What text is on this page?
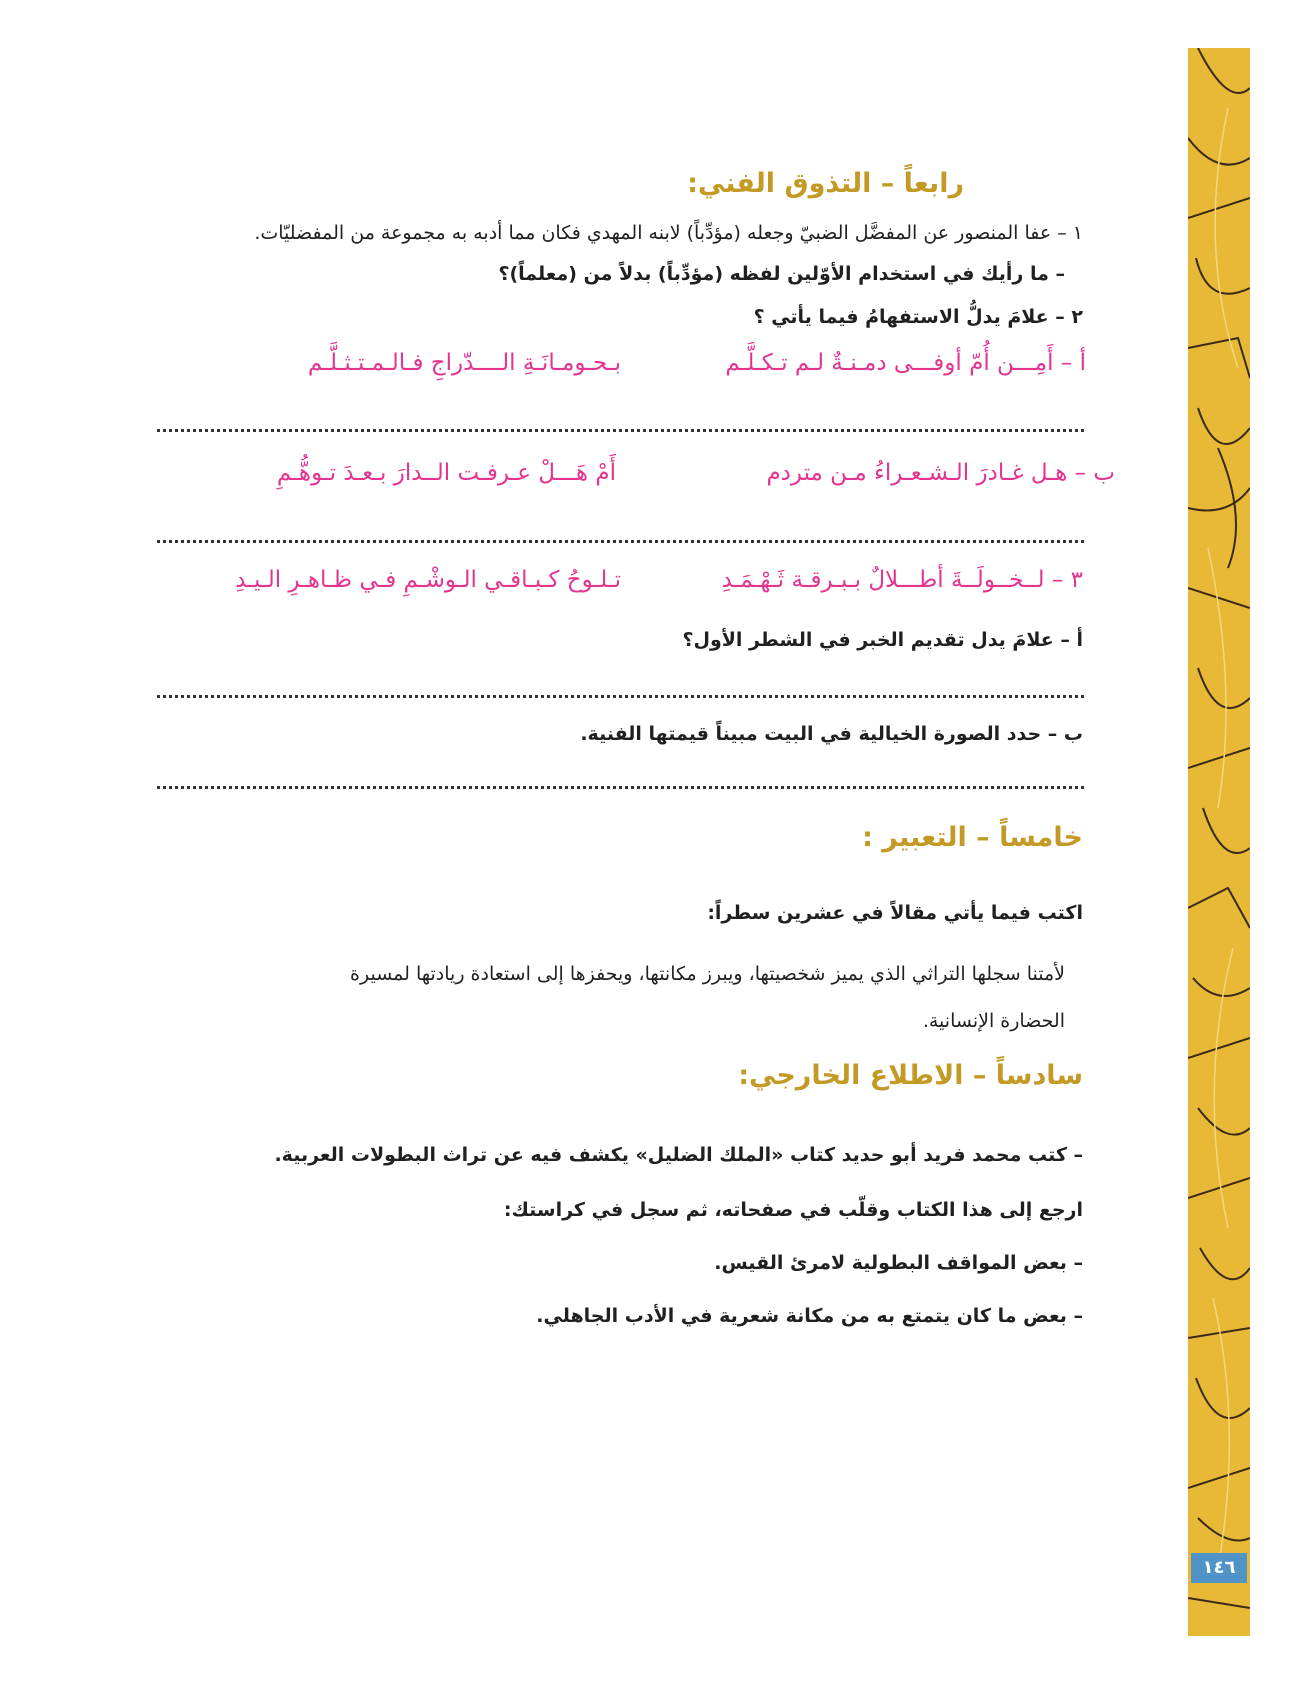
رابعاً – التذوق الفني:
١ – عفا المنصور عن المفضَّل الضبيّ وجعله (مؤدِّباً) لابنه المهدي فكان مما أدبه به مجموعة من المفضليّات.
– ما رأيك في استخدام الأوّلين لفظه (مؤدِّباً) بدلاً من (معلماً)؟
٢ – علامَ يدلُّ الاستفهامُ فيما يأتي ؟
أ – أَمِـــن أُمّ أوفـــى دمـنـةٌ لـم تـكـلَّـم
بـحـومـانَـةِ الــــدّراجِ فـالـمـتـثـلَّـم
ب – هـل غـادرَ الـشـعـراءُ مـن متردم
أَمْ هَـــلْ عـرفـت الــدارَ بـعـدَ تـوهُّـمِ
٣ – لــخــولَــةَ أطـــلالٌ بـبـرقـة ثَـهْـمَـدِ
تـلـوحُ كـبـاقـي الـوشْـمِ فـي ظـاهـرِ الـيـدِ
أ – علامَ يدل تقديم الخبر في الشطر الأول؟
ب – حدد الصورة الخيالية في البيت مبيناً قيمتها الفنية.
خامساً – التعبير :
اكتب فيما يأتي مقالاً في عشرين سطراً:
لأمتنا سجلها التراثي الذي يميز شخصيتها، ويبرز مكانتها، ويحفزها إلى استعادة ريادتها لمسيرة
الحضارة الإنسانية.
سادساً – الاطلاع الخارجي:
– كتب محمد فريد أبو حديد كتاب «الملك الضليل» يكشف فيه عن تراث البطولات العربية.
ارجع إلى هذا الكتاب وقلّب في صفحاته، ثم سجل في كراستك:
– بعض المواقف البطولية لامرئ القيس.
– بعض ما كان يتمتع به من مكانة شعرية في الأدب الجاهلي.
١٤٦
